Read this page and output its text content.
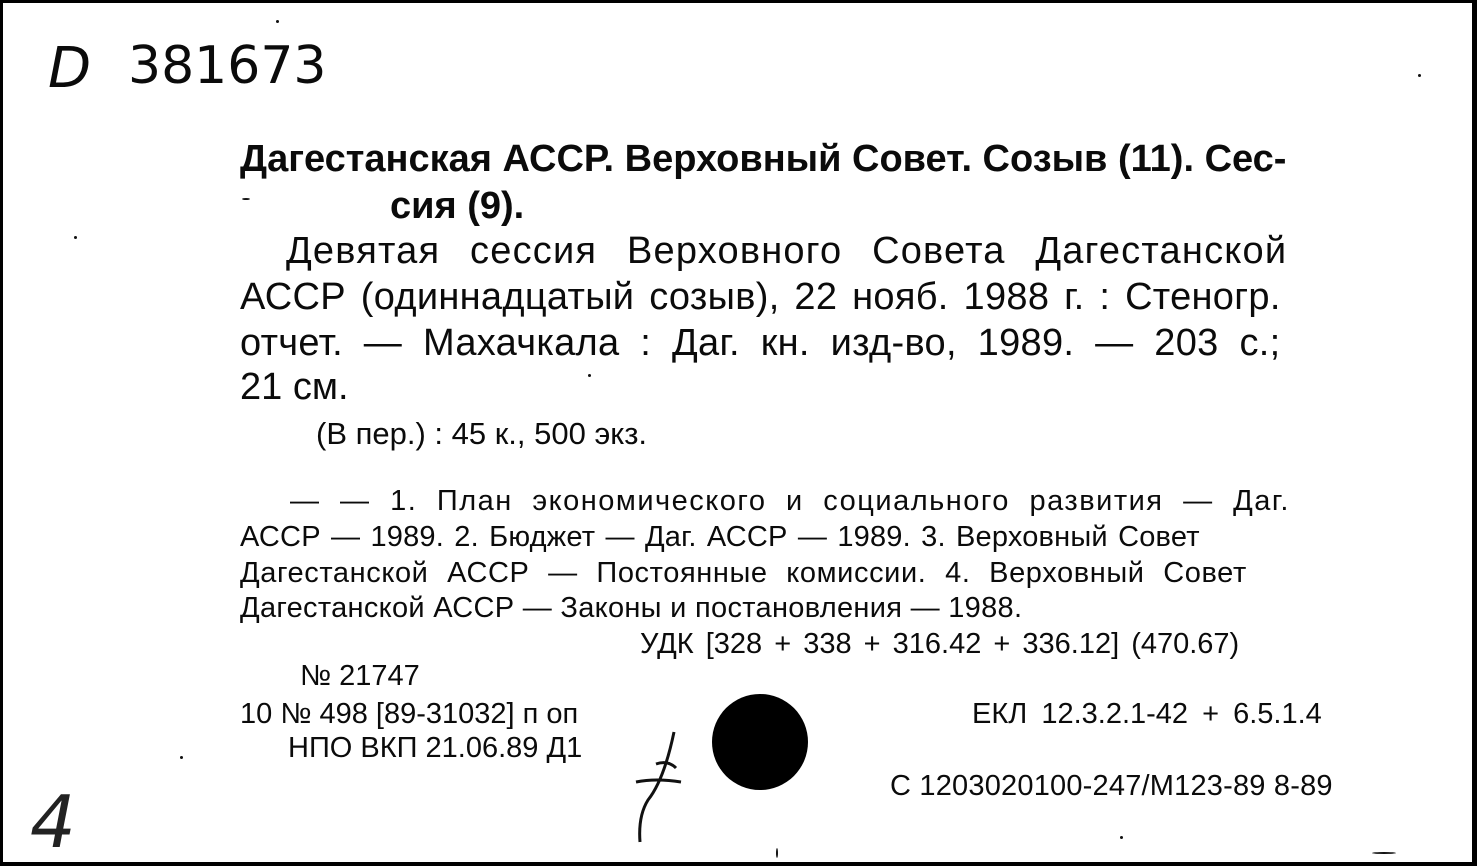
D 381673
Дагестанская АССР. Верховный Совет. Созыв (11). Сес-
сия (9).
Девятая сессия Верховного Совета Дагестанской
АССР (одиннадцатый созыв), 22 нояб. 1988 г. : Стеногр.
отчет. — Махачкала : Даг. кн. изд-во, 1989. — 203 с.;
21 см.
(В пер.) : 45 к., 500 экз.
— — 1. План экономического и социального развития — Даг.
АССР — 1989. 2. Бюджет — Даг. АССР — 1989. 3. Верховный Совет
Дагестанской АССР — Постоянные комиссии. 4. Верховный Совет
Дагестанской АССР — Законы и постановления — 1988.
УДК [328 + 338 + 316.42 + 336.12] (470.67)
№ 21747
10 № 498 [89-31032] п оп
НПО ВКП 21.06.89 Д1
ЕКЛ 12.3.2.1-42 + 6.5.1.4
С 1203020100-247/М123-89 8-89
4
